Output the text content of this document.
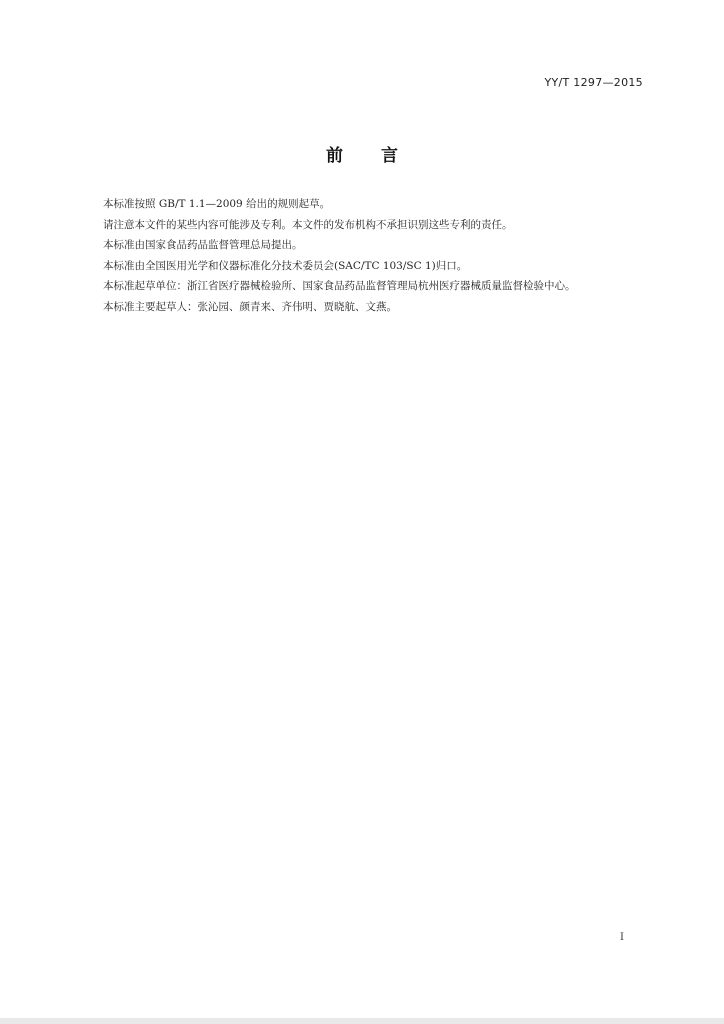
YY/T 1297—2015
前言

本标准按照 GB/T 1.1—2009 给出的规则起草。

请注意本文件的某些内容可能涉及专利。本文件的发布机构不承担识别这些专利的责任。

本标准由国家食品药品监督管理总局提出。

本标准由全国医用光学和仪器标准化分技术委员会(SAC/TC 103/SC 1)归口。

本标准起草单位：浙江省医疗器械检验所、国家食品药品监督管理局杭州医疗器械质量监督检验中心。

本标准主要起草人：张沁园、颜青来、齐伟明、贾晓航、文燕。

I
